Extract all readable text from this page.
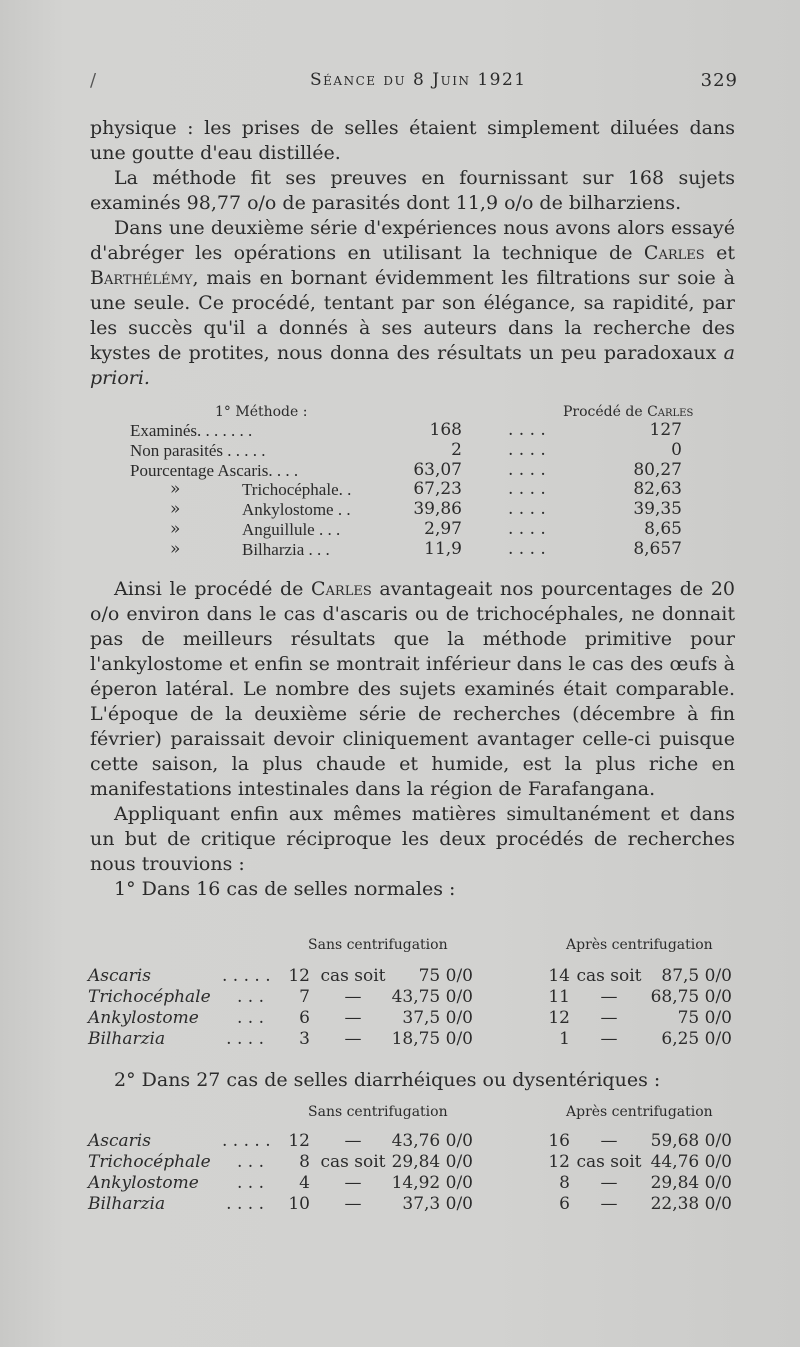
/	Séance du 8 Juin 1921	329

physique : les prises de selles étaient simplement diluées dans une goutte d'eau distillée.

La méthode fit ses preuves en fournissant sur 168 sujets examinés 98,77 o/o de parasités dont 11,9 o/o de bilharziens.

Dans une deuxième série d'expériences nous avons alors essayé d'abréger les opérations en utilisant la technique de Carles et Barthélémy, mais en bornant évidemment les filtrations sur soie à une seule. Ce procédé, tentant par son élégance, sa rapidité, par les succès qu'il a donnés à ses auteurs dans la recherche des kystes de protites, nous donna des résultats un peu paradoxaux a priori.

1° Méthode :	Procédé de Carles
Examinés. . . . . . .	168	. . . .	127
Non parasités . . . . .	2	. . . .	0
Pourcentage Ascaris. . . .	63,07	. . . .	80,27
»	Trichocéphale. .	67,23	. . . .	82,63
»	Ankylostome . .	39,86	. . . .	39,35
»	Anguillule . . .	2,97	. . . .	8,65
»	Bilharzia . . .	11,9	. . . .	8,657

Ainsi le procédé de Carles avantageait nos pourcentages de 20 o/o environ dans le cas d'ascaris ou de trichocéphales, ne donnait pas de meilleurs résultats que la méthode primitive pour l'ankylostome et enfin se montrait inférieur dans le cas des œufs à éperon latéral. Le nombre des sujets examinés était comparable. L'époque de la deuxième série de recherches (décembre à fin février) paraissait devoir cliniquement avantager celle-ci puisque cette saison, la plus chaude et humide, est la plus riche en manifestations intestinales dans la région de Farafangana.

Appliquant enfin aux mêmes matières simultanément et dans un but de critique réciproque les deux procédés de recherches nous trouvions :

1° Dans 16 cas de selles normales :

Sans centrifugation	Après centrifugation
Ascaris	. . . . .	12 cas soit	75 0/0	14 cas soit	87,5 0/0
Trichocéphale	. . .	7	—	43,75 0/0	11	—	68,75 0/0
Ankylostome	. . .	6	—	37,5 0/0	12	—	75 0/0
Bilharzia	. . . .	3	—	18,75 0/0	1	—	6,25 0/0

2° Dans 27 cas de selles diarrhéiques ou dysentériques :

Sans centrifugation	Après centrifugation
Ascaris	. . . . .	12	—	43,76 0/0	16	—	59,68 0/0
Trichocéphale	. . .	8 cas soit 29,84 0/0	12 cas soit 44,76 0/0
Ankylostome	. . .	4	—	14,92 0/0	8	—	29,84 0/0
Bilharzia	. . . .	10	—	37,3 0/0	6	—	22,38 0/0
